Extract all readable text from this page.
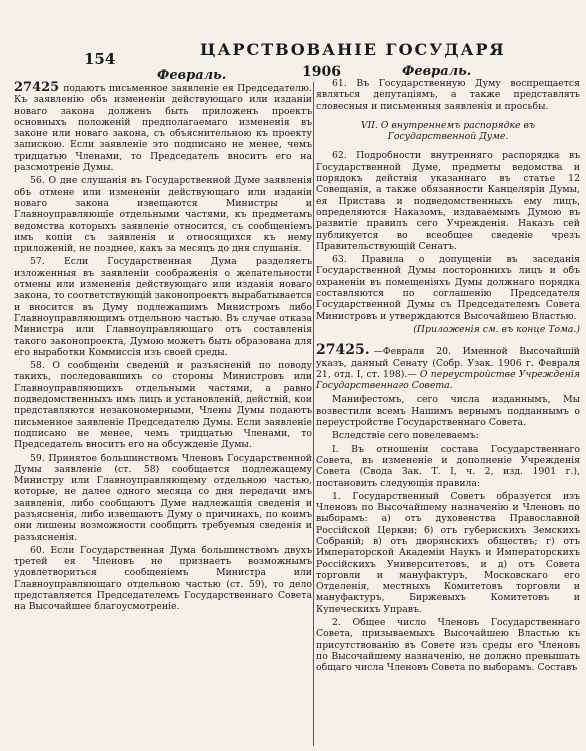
154	ЦАРСТВОВАНІЕ ГОСУДАРЯ
Февраль.	1906	Февраль.

27425 подаютъ письменное заявленіе ея Председателю. Къ заявленію объ измененіи действующаго или изданіи новаго закона долженъ быть приложенъ проектъ основныхъ положеній предполагаемаго измененія въ законе или новаго закона, съ объяснительною къ проекту запискою. Если заявленіе это подписано не менее, чемъ тридцатью Членами, то Председатель вноситъ его на разсмотреніе Думы.

56. О дне слушанія въ Государственной Думе заявленія объ отмене или измененіи действующаго или изданіи новаго закона извещаются Министры и Главноуправляющіе отдельными частями, къ предметамъ ведомства которыхъ заявленіе относится, съ сообщеніемъ имъ копіи съ заявленія и относящихся къ нему приложеній, не позднее, какъ за месяцъ до дня слушанія.

57. Если Государственная Дума разделяетъ изложенныя въ заявленіи соображенія о желательности отмены или измененія действующаго или изданія новаго закона, то соответствующій законопроектъ вырабатывается и вносится въ Думу подлежащимъ Министромъ либо Главноуправляющимъ отдельною частью. Въ случае отказа Министра или Главноуправляющаго отъ составленія такого законопроекта, Думою можетъ быть образована для его выработки Коммиссія изъ своей среды.

58. О сообщеніи сведеній и разъясненій по поводу такихъ, последовавшихъ со стороны Министровъ или Главноуправляющихъ отдельными частями, а равно подведомственныхъ имъ лицъ и установленій, действій, кои представляются незакономерными, Члены Думы подаютъ письменное заявленіе Председателю Думы. Если заявленіе подписано не менее, чемъ тридцатью Членами, то Председатель вноситъ его на обсужденіе Думы.

59. Принятое большинствомъ Членовъ Государственной Думы заявленіе (ст. 58) сообщается подлежащему Министру или Главноуправляющему отдельною частью, которые, не далее одного месяца со дня передачи имъ заявленія, либо сообщаютъ Думе надлежащія сведенія и разъясненія, либо извещаютъ Думу о причинахъ, по коимъ они лишены возможности сообщить требуемыя сведенія и разъясненія.

60. Если Государственная Дума большинствомъ двухъ третей ея Членовъ не признаетъ возможнымъ удовлетвориться сообщеніемъ Министра или Главноуправляющаго отдельною частью (ст. 59), то дело представляется Председателемъ Государственнаго Совета на Высочайшее благоусмотреніе.

61. Въ Государственную Думу воспрещается являться депутаціямъ, а также представлять словесныя и письменныя заявленія и просьбы.

VII. О внутреннемъ распорядке въ Государственной Думе.

62. Подробности внутренняго распорядка въ Государственной Думе, предметы ведомства и порядокъ действія указаннаго въ статье 12 Совещанія, а также обязанности Канцеляріи Думы, ея Пристава и подведомственныхъ ему лицъ, определяются Наказомъ, издаваемымъ Думою въ развитіе правилъ сего Учрежденія. Наказъ сей публикуется во всеобщее сведеніе чрезъ Правительствующій Сенатъ.

63. Правила о допущеніи въ заседанія Государственной Думы постороннихъ лицъ и объ охраненіи въ помещеніяхъ Думы должнаго порядка составляются по соглашенію Председателя Государственной Думы съ Председателемъ Совета Министровъ и утверждаются Высочайшею Властью.

(Приложенія см. въ конце Тома.)

27425. —Февраля 20. Именной Высочайшій указъ, данный Сенату (Собр. Узак. 1906 г. Февраля 21, отд. I, ст. 198).— О переустройстве Учрежденія Государственнаго Совета.

Манифестомъ, сего числа изданнымъ, Мы возвестили всемъ Нашимъ вернымъ подданнымъ о переустройстве Государственнаго Совета.

Вследствіе сего повелеваемъ:

I. Въ отношеніи состава Государственнаго Совета, въ измененіе и дополненіе Учрежденія Совета (Свода Зак. Т. I, ч. 2, изд. 1901 г.), постановить следующія правила:

1. Государственный Советъ образуется изъ Членовъ по Высочайшему назначенію и Членовъ по выборамъ: а) отъ духовенства Православной Россійской Церкви; б) отъ губернскихъ Земскихъ Собраній; в) отъ дворянскихъ обществъ; г) отъ Императорской Академіи Наукъ и Императорскихъ Россійскихъ Университетовъ, и д) отъ Совета торговли и мануфактуръ, Московскаго его Отделенія, местныхъ Комитетовъ торговли и мануфактуръ, Биржевыхъ Комитетовъ и Купеческихъ Управъ.

2. Общее число Членовъ Государственнаго Совета, призываемыхъ Высочайшею Властью къ присутствованію въ Совете изъ среды его Членовъ по Высочайшему назначенію, не должно превышать общаго числа Членовъ Совета по выборамъ. Составъ
